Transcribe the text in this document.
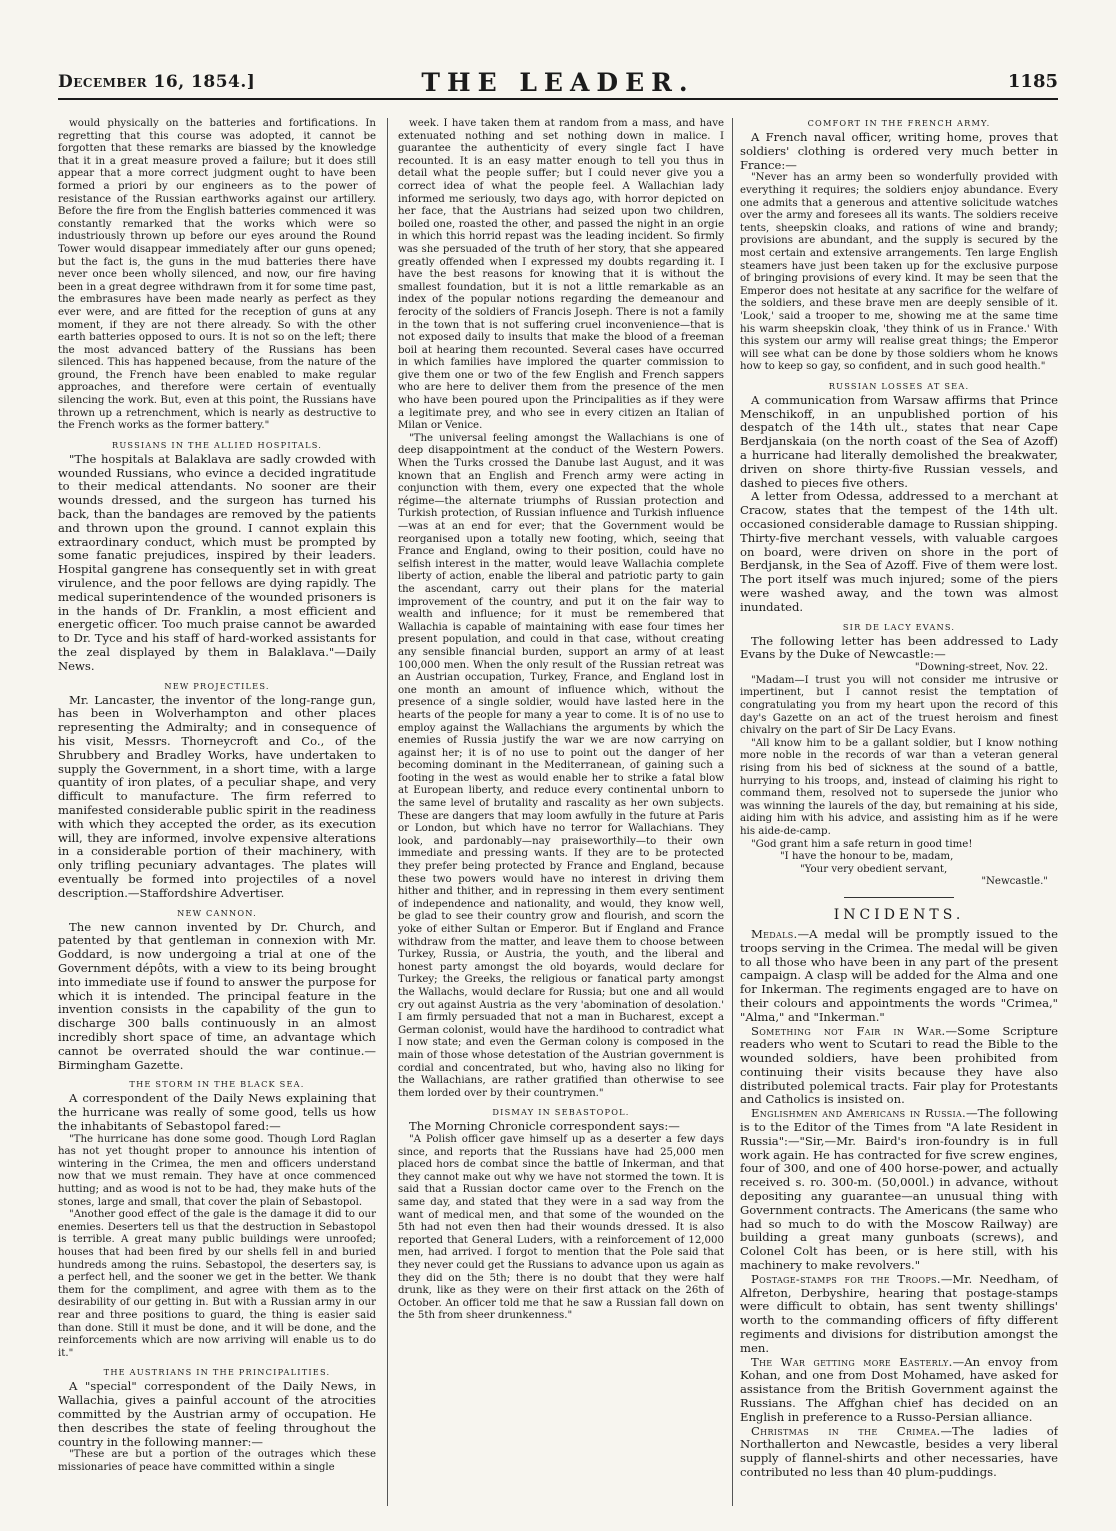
December 16, 1854.]	THE LEADER.	1185

would physically on the batteries and fortifications. In regretting that this course was adopted, it cannot be forgotten that these remarks are biassed by the knowledge that it in a great measure proved a failure; but it does still appear that a more correct judgment ought to have been formed a priori by our engineers as to the power of resistance of the Russian earthworks against our artillery. Before the fire from the English batteries commenced it was constantly remarked that the works which were so industriously thrown up before our eyes around the Round Tower would disappear immediately after our guns opened; but the fact is, the guns in the mud batteries there have never once been wholly silenced, and now, our fire having been in a great degree withdrawn from it for some time past, the embrasures have been made nearly as perfect as they ever were, and are fitted for the reception of guns at any moment, if they are not there already. So with the other earth batteries opposed to ours. It is not so on the left; there the most advanced battery of the Russians has been silenced. This has happened because, from the nature of the ground, the French have been enabled to make regular approaches, and therefore were certain of eventually silencing the work. But, even at this point, the Russians have thrown up a retrenchment, which is nearly as destructive to the French works as the former battery."

RUSSIANS IN THE ALLIED HOSPITALS.

"The hospitals at Balaklava are sadly crowded with wounded Russians, who evince a decided ingratitude to their medical attendants. No sooner are their wounds dressed, and the surgeon has turned his back, than the bandages are removed by the patients and thrown upon the ground. I cannot explain this extraordinary conduct, which must be prompted by some fanatic prejudices, inspired by their leaders. Hospital gangrene has consequently set in with great virulence, and the poor fellows are dying rapidly. The medical superintendence of the wounded prisoners is in the hands of Dr. Franklin, a most efficient and energetic officer. Too much praise cannot be awarded to Dr. Tyce and his staff of hard-worked assistants for the zeal displayed by them in Balaklava."—Daily News.

NEW PROJECTILES.

Mr. Lancaster, the inventor of the long-range gun, has been in Wolverhampton and other places representing the Admiralty; and in consequence of his visit, Messrs. Thorneycroft and Co., of the Shrubbery and Bradley Works, have undertaken to supply the Government, in a short time, with a large quantity of iron plates, of a peculiar shape, and very difficult to manufacture. The firm referred to manifested considerable public spirit in the readiness with which they accepted the order, as its execution will, they are informed, involve expensive alterations in a considerable portion of their machinery, with only trifling pecuniary advantages. The plates will eventually be formed into projectiles of a novel description.—Staffordshire Advertiser.

NEW CANNON.

The new cannon invented by Dr. Church, and patented by that gentleman in connexion with Mr. Goddard, is now undergoing a trial at one of the Government dépôts, with a view to its being brought into immediate use if found to answer the purpose for which it is intended. The principal feature in the invention consists in the capability of the gun to discharge 300 balls continuously in an almost incredibly short space of time, an advantage which cannot be overrated should the war continue.—Birmingham Gazette.

THE STORM IN THE BLACK SEA.

A correspondent of the Daily News explaining that the hurricane was really of some good, tells us how the inhabitants of Sebastopol fared:—

"The hurricane has done some good. Though Lord Raglan has not yet thought proper to announce his intention of wintering in the Crimea, the men and officers understand now that we must remain. They have at once commenced hutting; and as wood is not to be had, they make huts of the stones, large and small, that cover the plain of Sebastopol.

"Another good effect of the gale is the damage it did to our enemies. Deserters tell us that the destruction in Sebastopol is terrible. A great many public buildings were unroofed; houses that had been fired by our shells fell in and buried hundreds among the ruins. Sebastopol, the deserters say, is a perfect hell, and the sooner we get in the better. We thank them for the compliment, and agree with them as to the desirability of our getting in. But with a Russian army in our rear and three positions to guard, the thing is easier said than done. Still it must be done, and it will be done, and the reinforcements which are now arriving will enable us to do it."

THE AUSTRIANS IN THE PRINCIPALITIES.

A "special" correspondent of the Daily News, in Wallachia, gives a painful account of the atrocities committed by the Austrian army of occupation. He then describes the state of feeling throughout the country in the following manner:—

"These are but a portion of the outrages which these missionaries of peace have committed within a single

week. I have taken them at random from a mass, and have extenuated nothing and set nothing down in malice. I guarantee the authenticity of every single fact I have recounted. It is an easy matter enough to tell you thus in detail what the people suffer; but I could never give you a correct idea of what the people feel. A Wallachian lady informed me seriously, two days ago, with horror depicted on her face, that the Austrians had seized upon two children, boiled one, roasted the other, and passed the night in an orgie in which this horrid repast was the leading incident. So firmly was she persuaded of the truth of her story, that she appeared greatly offended when I expressed my doubts regarding it. I have the best reasons for knowing that it is without the smallest foundation, but it is not a little remarkable as an index of the popular notions regarding the demeanour and ferocity of the soldiers of Francis Joseph. There is not a family in the town that is not suffering cruel inconvenience—that is not exposed daily to insults that make the blood of a freeman boil at hearing them recounted. Several cases have occurred in which families have implored the quarter commission to give them one or two of the few English and French sappers who are here to deliver them from the presence of the men who have been poured upon the Principalities as if they were a legitimate prey, and who see in every citizen an Italian of Milan or Venice.

"The universal feeling amongst the Wallachians is one of deep disappointment at the conduct of the Western Powers. When the Turks crossed the Danube last August, and it was known that an English and French army were acting in conjunction with them, every one expected that the whole régime—the alternate triumphs of Russian protection and Turkish protection, of Russian influence and Turkish influence—was at an end for ever; that the Government would be reorganised upon a totally new footing, which, seeing that France and England, owing to their position, could have no selfish interest in the matter, would leave Wallachia complete liberty of action, enable the liberal and patriotic party to gain the ascendant, carry out their plans for the material improvement of the country, and put it on the fair way to wealth and influence; for it must be remembered that Wallachia is capable of maintaining with ease four times her present population, and could in that case, without creating any sensible financial burden, support an army of at least 100,000 men. When the only result of the Russian retreat was an Austrian occupation, Turkey, France, and England lost in one month an amount of influence which, without the presence of a single soldier, would have lasted here in the hearts of the people for many a year to come. It is of no use to employ against the Wallachians the arguments by which the enemies of Russia justify the war we are now carrying on against her; it is of no use to point out the danger of her becoming dominant in the Mediterranean, of gaining such a footing in the west as would enable her to strike a fatal blow at European liberty, and reduce every continental unborn to the same level of brutality and rascality as her own subjects. These are dangers that may loom awfully in the future at Paris or London, but which have no terror for Wallachians. They look, and pardonably—nay praiseworthily—to their own immediate and pressing wants. If they are to be protected they prefer being protected by France and England, because these two powers would have no interest in driving them hither and thither, and in repressing in them every sentiment of independence and nationality, and would, they know well, be glad to see their country grow and flourish, and scorn the yoke of either Sultan or Emperor. But if England and France withdraw from the matter, and leave them to choose between Turkey, Russia, or Austria, the youth, and the liberal and honest party amongst the old boyards, would declare for Turkey; the Greeks, the religious or fanatical party amongst the Wallachs, would declare for Russia; but one and all would cry out against Austria as the very 'abomination of desolation.' I am firmly persuaded that not a man in Bucharest, except a German colonist, would have the hardihood to contradict what I now state; and even the German colony is composed in the main of those whose detestation of the Austrian government is cordial and concentrated, but who, having also no liking for the Wallachians, are rather gratified than otherwise to see them lorded over by their countrymen."

DISMAY IN SEBASTOPOL.

The Morning Chronicle correspondent says:—

"A Polish officer gave himself up as a deserter a few days since, and reports that the Russians have had 25,000 men placed hors de combat since the battle of Inkerman, and that they cannot make out why we have not stormed the town. It is said that a Russian doctor came over to the French on the same day, and stated that they were in a sad way from the want of medical men, and that some of the wounded on the 5th had not even then had their wounds dressed. It is also reported that General Luders, with a reinforcement of 12,000 men, had arrived. I forgot to mention that the Pole said that they never could get the Russians to advance upon us again as they did on the 5th; there is no doubt that they were half drunk, like as they were on their first attack on the 26th of October. An officer told me that he saw a Russian fall down on the 5th from sheer drunkenness."

COMFORT IN THE FRENCH ARMY.

A French naval officer, writing home, proves that soldiers' clothing is ordered very much better in France:—

"Never has an army been so wonderfully provided with everything it requires; the soldiers enjoy abundance. Every one admits that a generous and attentive solicitude watches over the army and foresees all its wants. The soldiers receive tents, sheepskin cloaks, and rations of wine and brandy; provisions are abundant, and the supply is secured by the most certain and extensive arrangements. Ten large English steamers have just been taken up for the exclusive purpose of bringing provisions of every kind. It may be seen that the Emperor does not hesitate at any sacrifice for the welfare of the soldiers, and these brave men are deeply sensible of it. 'Look,' said a trooper to me, showing me at the same time his warm sheepskin cloak, 'they think of us in France.' With this system our army will realise great things; the Emperor will see what can be done by those soldiers whom he knows how to keep so gay, so confident, and in such good health."

RUSSIAN LOSSES AT SEA.

A communication from Warsaw affirms that Prince Menschikoff, in an unpublished portion of his despatch of the 14th ult., states that near Cape Berdjanskaia (on the north coast of the Sea of Azoff) a hurricane had literally demolished the breakwater, driven on shore thirty-five Russian vessels, and dashed to pieces five others.

A letter from Odessa, addressed to a merchant at Cracow, states that the tempest of the 14th ult. occasioned considerable damage to Russian shipping. Thirty-five merchant vessels, with valuable cargoes on board, were driven on shore in the port of Berdjansk, in the Sea of Azoff. Five of them were lost. The port itself was much injured; some of the piers were washed away, and the town was almost inundated.

SIR DE LACY EVANS.

The following letter has been addressed to Lady Evans by the Duke of Newcastle:—

"Downing-street, Nov. 22.

"Madam—I trust you will not consider me intrusive or impertinent, but I cannot resist the temptation of congratulating you from my heart upon the record of this day's Gazette on an act of the truest heroism and finest chivalry on the part of Sir De Lacy Evans.

"All know him to be a gallant soldier, but I know nothing more noble in the records of war than a veteran general rising from his bed of sickness at the sound of a battle, hurrying to his troops, and, instead of claiming his right to command them, resolved not to supersede the junior who was winning the laurels of the day, but remaining at his side, aiding him with his advice, and assisting him as if he were his aide-de-camp.

"God grant him a safe return in good time!

"I have the honour to be, madam,

"Your very obedient servant,

"Newcastle."

INCIDENTS.

Medals.—A medal will be promptly issued to the troops serving in the Crimea. The medal will be given to all those who have been in any part of the present campaign. A clasp will be added for the Alma and one for Inkerman. The regiments engaged are to have on their colours and appointments the words "Crimea," "Alma," and "Inkerman."

Something not Fair in War.—Some Scripture readers who went to Scutari to read the Bible to the wounded soldiers, have been prohibited from continuing their visits because they have also distributed polemical tracts. Fair play for Protestants and Catholics is insisted on.

Englishmen and Americans in Russia.—The following is to the Editor of the Times from "A late Resident in Russia":—"Sir,—Mr. Baird's iron-foundry is in full work again. He has contracted for five screw engines, four of 300, and one of 400 horse-power, and actually received s. ro. 300-m. (50,000l.) in advance, without depositing any guarantee—an unusual thing with Government contracts. The Americans (the same who had so much to do with the Moscow Railway) are building a great many gunboats (screws), and Colonel Colt has been, or is here still, with his machinery to make revolvers."

Postage-stamps for the Troops.—Mr. Needham, of Alfreton, Derbyshire, hearing that postage-stamps were difficult to obtain, has sent twenty shillings' worth to the commanding officers of fifty different regiments and divisions for distribution amongst the men.

The War getting more Easterly.—An envoy from Kohan, and one from Dost Mohamed, have asked for assistance from the British Government against the Russians. The Affghan chief has decided on an English in preference to a Russo-Persian alliance.

Christmas in the Crimea.—The ladies of Northallerton and Newcastle, besides a very liberal supply of flannel-shirts and other necessaries, have contributed no less than 40 plum-puddings.
